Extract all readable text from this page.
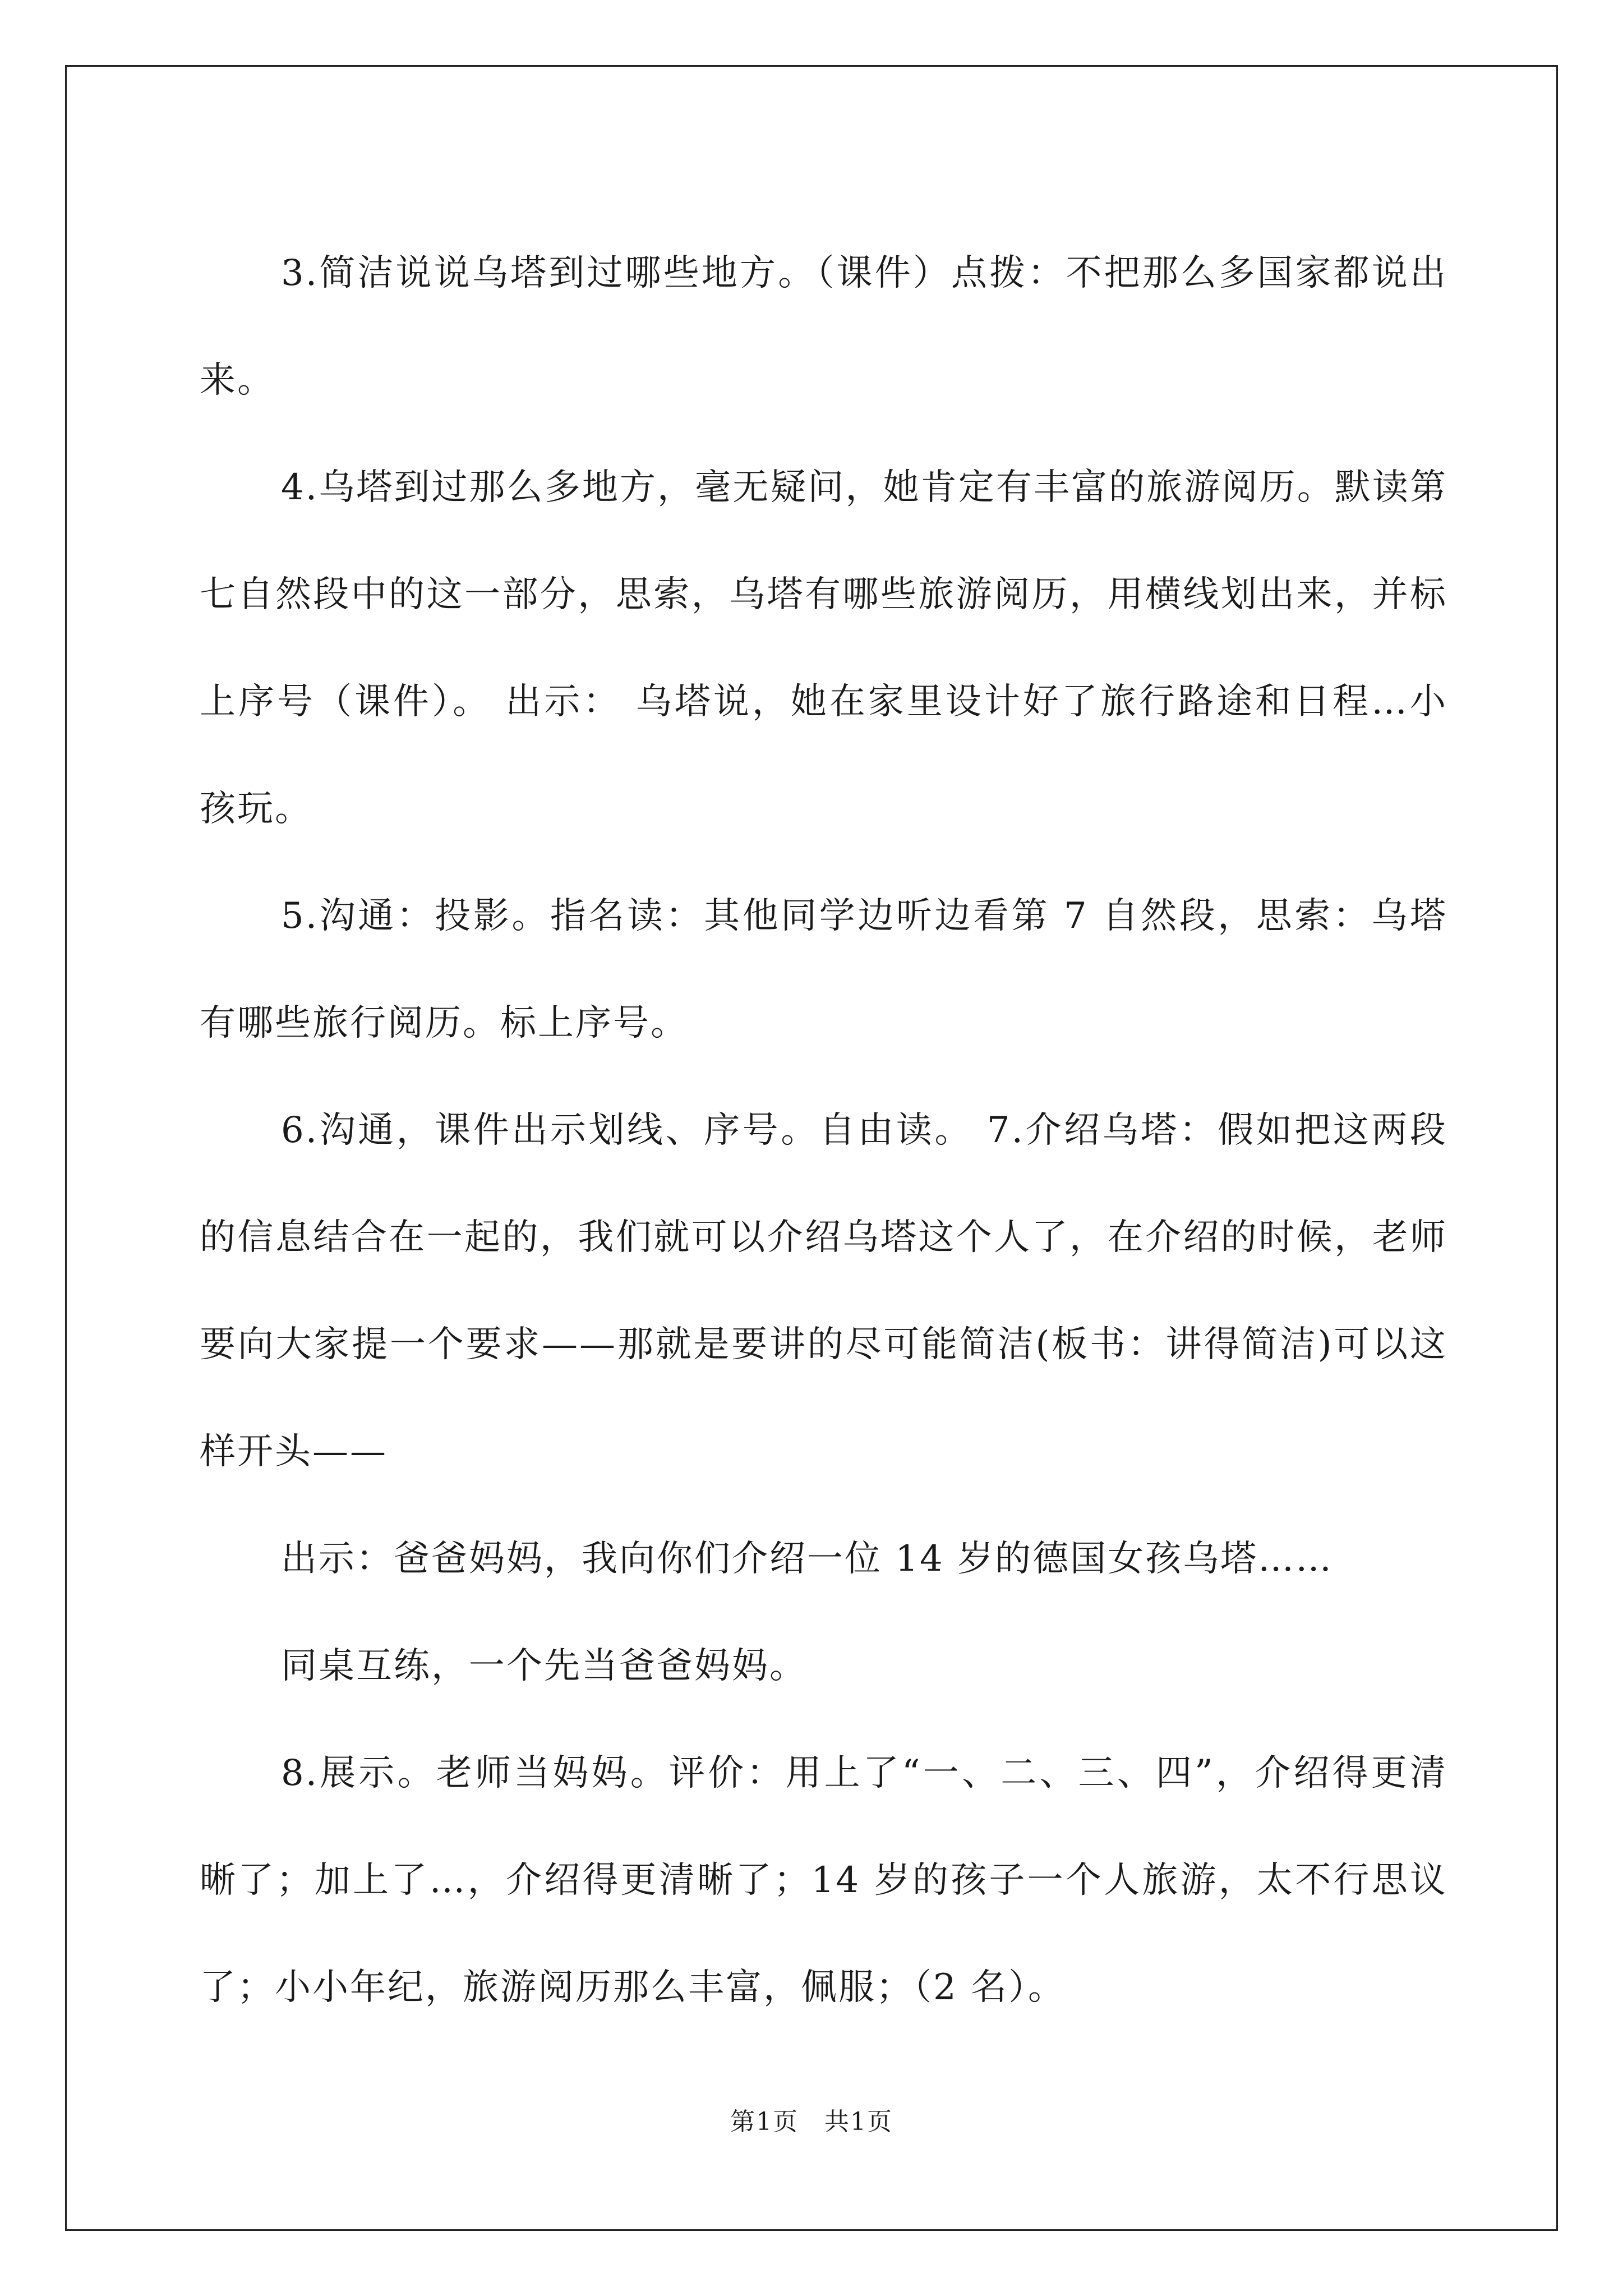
3.简洁说说乌塔到过哪些地方。（课件）点拨：不把那么多国家都说出来。

4.乌塔到过那么多地方，毫无疑问，她肯定有丰富的旅游阅历。默读第七自然段中的这一部分，思索，乌塔有哪些旅游阅历，用横线划出来，并标上序号（课件）。 出示： 乌塔说，她在家里设计好了旅行路途和日程…小孩玩。

5.沟通：投影。指名读：其他同学边听边看第 7 自然段，思索：乌塔有哪些旅行阅历。标上序号。

6.沟通，课件出示划线、序号。自由读。 7.介绍乌塔：假如把这两段的信息结合在一起的，我们就可以介绍乌塔这个人了，在介绍的时候，老师要向大家提一个要求——那就是要讲的尽可能简洁(板书：讲得简洁)可以这样开头——

出示：爸爸妈妈，我向你们介绍一位 14 岁的德国女孩乌塔……

同桌互练，一个先当爸爸妈妈。

8.展示。老师当妈妈。评价：用上了“一、二、三、四”，介绍得更清晰了；加上了…，介绍得更清晰了；14 岁的孩子一个人旅游，太不行思议了；小小年纪，旅游阅历那么丰富，佩服；（2 名）。

第1页　共1页
